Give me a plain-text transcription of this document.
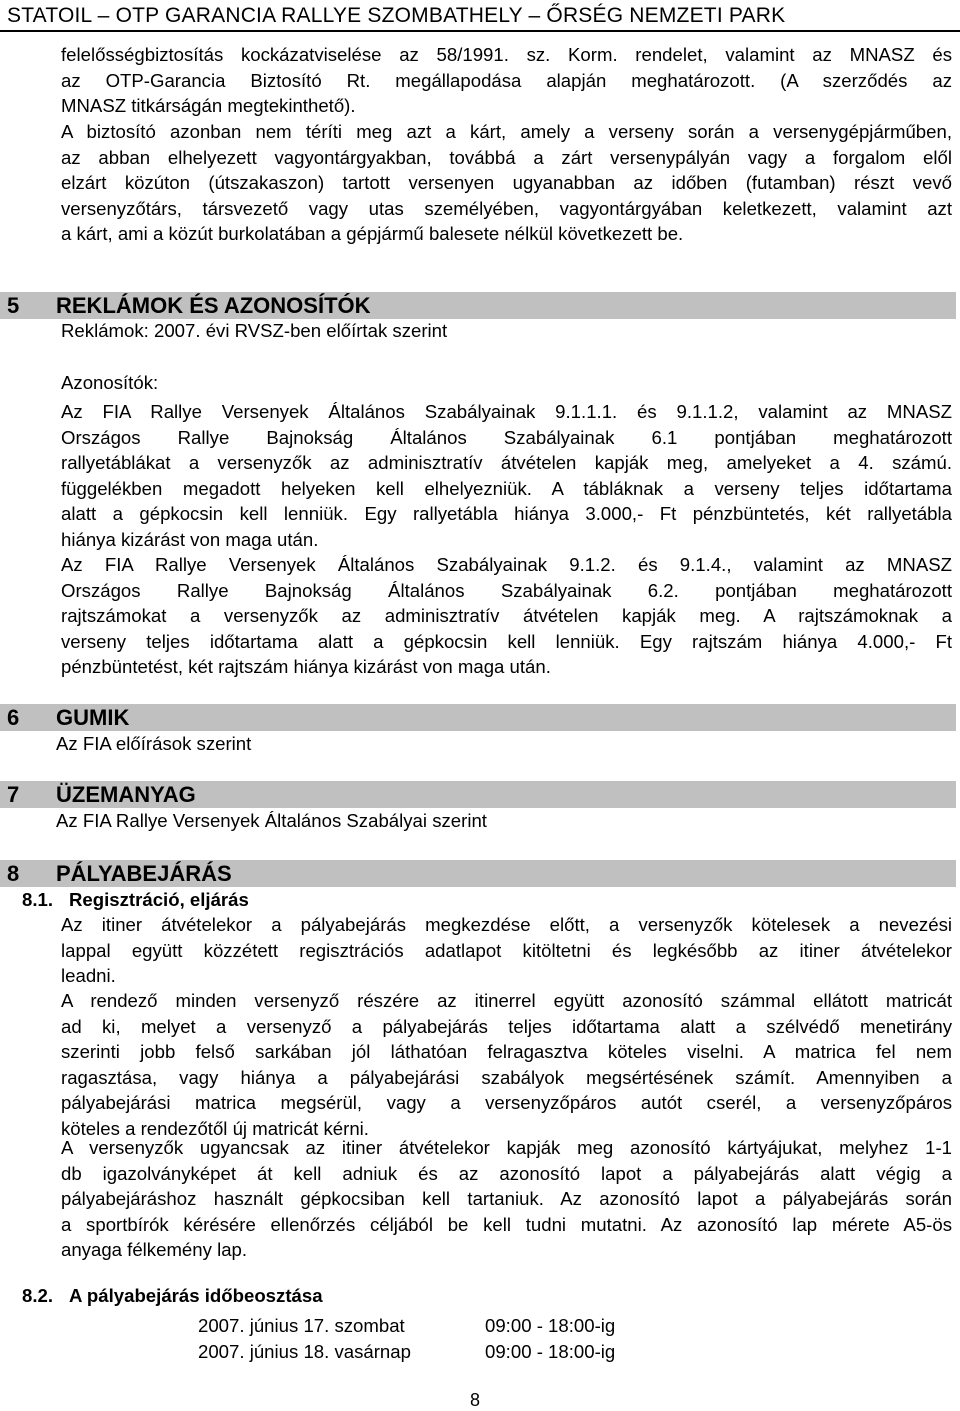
STATOIL – OTP GARANCIA RALLYE SZOMBATHELY – ŐRSÉG NEMZETI PARK
felelősségbiztosítás kockázatviselése az 58/1991. sz. Korm. rendelet, valamint az MNASZ és
az OTP-Garancia Biztosító Rt. megállapodása alapján meghatározott. (A szerződés az
MNASZ titkárságán megtekinthető).
A biztosító azonban nem téríti meg azt a kárt, amely a verseny során a versenygépjárműben,
az abban elhelyezett vagyontárgyakban, továbbá a zárt versenypályán vagy a forgalom elől
elzárt közúton (útszakaszon) tartott versenyen ugyanabban az időben (futamban) részt vevő
versenyzőtárs, társvezető vagy utas személyében, vagyontárgyában keletkezett, valamint azt
a kárt, ami a közút burkolatában a gépjármű balesete nélkül következett be.
5 REKLÁMOK ÉS AZONOSÍTÓK
Reklámok: 2007. évi RVSZ-ben előírtak szerint
Azonosítók:
Az FIA Rallye Versenyek Általános Szabályainak 9.1.1.1. és 9.1.1.2, valamint az MNASZ
Országos Rallye Bajnokság Általános Szabályainak 6.1 pontjában meghatározott
rallyetáblákat a versenyzők az adminisztratív átvételen kapják meg, amelyeket a 4. számú.
függelékben megadott helyeken kell elhelyezniük. A tábláknak a verseny teljes időtartama
alatt a gépkocsin kell lenniük. Egy rallyetábla hiánya 3.000,- Ft pénzbüntetés, két rallyetábla
hiánya kizárást von maga után.
Az FIA Rallye Versenyek Általános Szabályainak 9.1.2. és 9.1.4., valamint az MNASZ
Országos Rallye Bajnokság Általános Szabályainak 6.2. pontjában meghatározott
rajtszámokat a versenyzők az adminisztratív átvételen kapják meg. A rajtszámoknak a
verseny teljes időtartama alatt a gépkocsin kell lenniük. Egy rajtszám hiánya 4.000,- Ft
pénzbüntetést, két rajtszám hiánya kizárást von maga után.
6 GUMIK
Az FIA előírások szerint
7 ÜZEMANYAG
Az FIA Rallye Versenyek Általános Szabályai szerint
8 PÁLYABEJÁRÁS
8.1. Regisztráció, eljárás
Az itiner átvételekor a pályabejárás megkezdése előtt, a versenyzők kötelesek a nevezési
lappal együtt közzétett regisztrációs adatlapot kitöltetni és legkésőbb az itiner átvételekor
leadni.
A rendező minden versenyző részére az itinerrel együtt azonosító számmal ellátott matricát
ad ki, melyet a versenyző a pályabejárás teljes időtartama alatt a szélvédő menetirány
szerinti jobb felső sarkában jól láthatóan felragasztva köteles viselni. A matrica fel nem
ragasztása, vagy hiánya a pályabejárási szabályok megsértésének számít. Amennyiben a
pályabejárási matrica megsérül, vagy a versenyzőpáros autót cserél, a versenyzőpáros
köteles a rendezőtől új matricát kérni.
A versenyzők ugyancsak az itiner átvételekor kapják meg azonosító kártyájukat, melyhez 1-1
db igazolványképet át kell adniuk és az azonosító lapot a pályabejárás alatt végig a
pályabejáráshoz használt gépkocsiban kell tartaniuk. Az azonosító lapot a pályabejárás során
a sportbírók kérésére ellenőrzés céljából be kell tudni mutatni. Az azonosító lap mérete A5-ös
anyaga félkemény lap.
8.2. A pályabejárás időbeosztása
2007. június 17. szombat	09:00 - 18:00-ig
2007. június 18. vasárnap	09:00 - 18:00-ig
8
